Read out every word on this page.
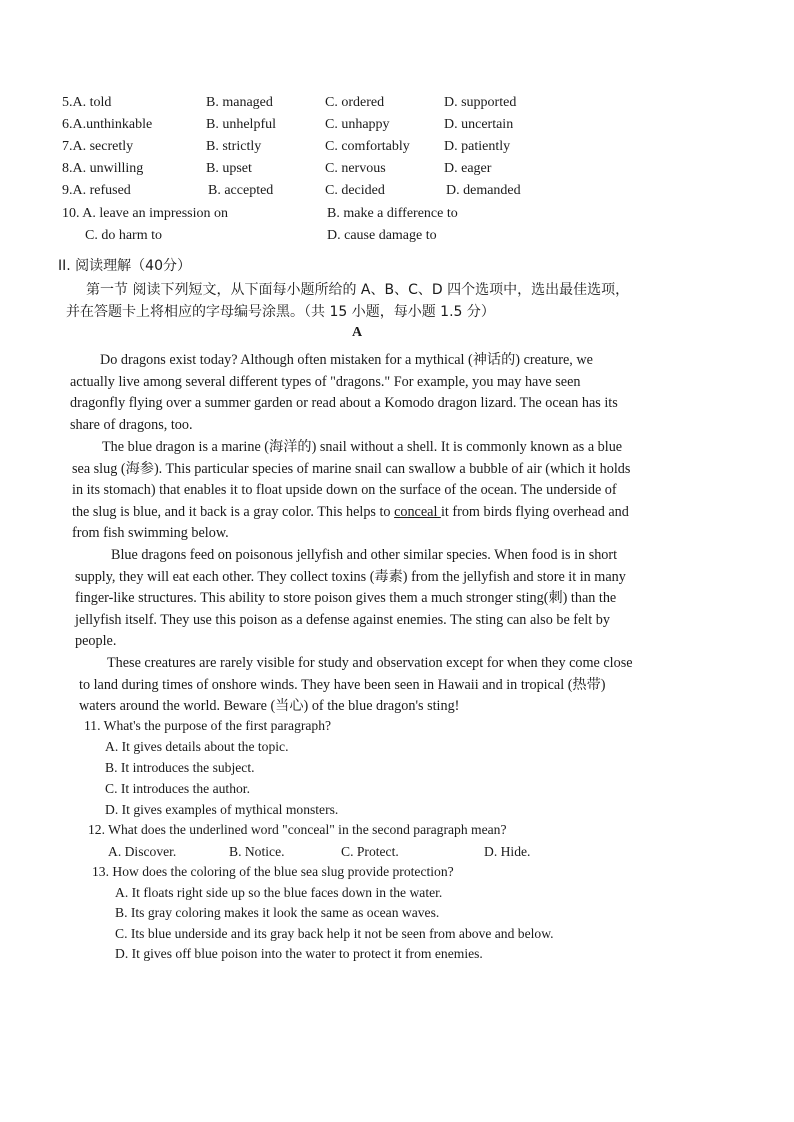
5.A. told	B. managed	C. ordered	D. supported
6.A.unthinkable	B. unhelpful	C. unhappy	D. uncertain
7.A. secretly	B. strictly	C. comfortably D. patiently
8.A. unwilling	B. upset	C. nervous	D. eager
9.A. refused	B. accepted	C. decided	D. demanded
10. A. leave an impression on	B. make a difference to
C. do harm to	D. cause damage to
II. 阅读理解（40分）
第一节 阅读下列短文，从下面每小题所给的 A、B、C、D 四个选项中，选出最佳选项，
并在答题卡上将相应的字母编号涂黑。（共 15 小题，每小题 1.5 分）
A
Do dragons exist today? Although often mistaken for a mythical (神话的) creature, we
actually live among several different types of "dragons." For example, you may have seen
dragonfly flying over a summer garden or read about a Komodo dragon lizard. The ocean has its
share of dragons, too.
The blue dragon is a marine (海洋的) snail without a shell. It is commonly known as a blue
sea slug (海参). This particular species of marine snail can swallow a bubble of air (which it holds
in its stomach) that enables it to float upside down on the surface of the ocean. The underside of
the slug is blue, and it back is a gray color. This helps to conceal it from birds flying overhead and
from fish swimming below.
Blue dragons feed on poisonous jellyfish and other similar species. When food is in short
supply, they will eat each other. They collect toxins (毒素) from the jellyfish and store it in many
finger-like structures. This ability to store poison gives them a much stronger sting(刺) than the
jellyfish itself. They use this poison as a defense against enemies. The sting can also be felt by
people.
These creatures are rarely visible for study and observation except for when they come close
to land during times of onshore winds. They have been seen in Hawaii and in tropical (热带)
waters around the world. Beware (当心) of the blue dragon's sting!
11. What's the purpose of the first paragraph?
A. It gives details about the topic.
B. It introduces the subject.
C. It introduces the author.
D. It gives examples of mythical monsters.
12. What does the underlined word "conceal" in the second paragraph mean?
A. Discover.	B. Notice.	C. Protect.	D. Hide.
13. How does the coloring of the blue sea slug provide protection?
A. It floats right side up so the blue faces down in the water.
B. Its gray coloring makes it look the same as ocean waves.
C. Its blue underside and its gray back help it not be seen from above and below.
D. It gives off blue poison into the water to protect it from enemies.
